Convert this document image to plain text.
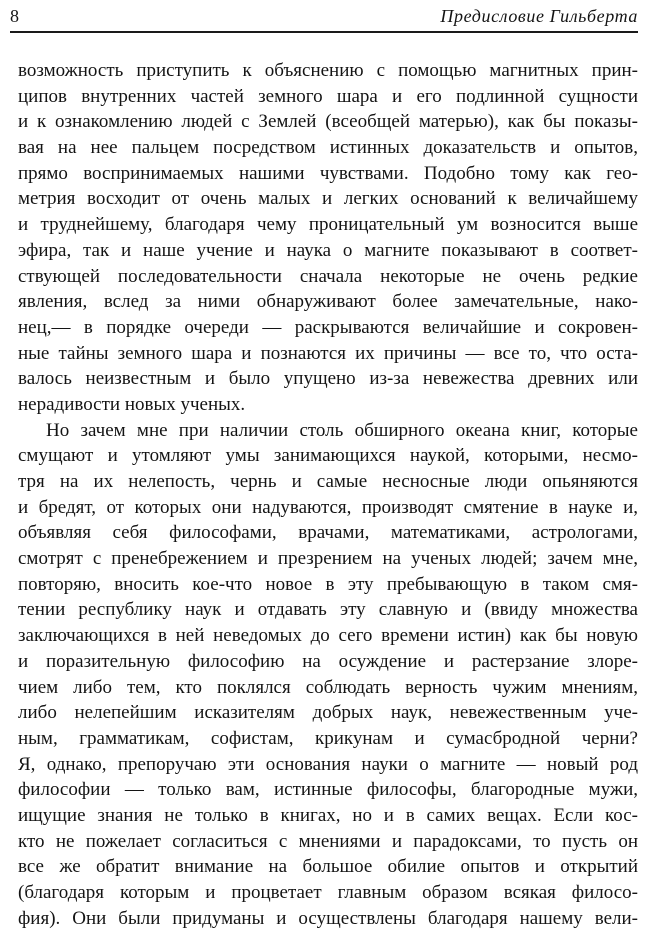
8	Предисловие Гильберта
возможность приступить к объяснению с помощью магнитных прин-
ципов внутренних частей земного шара и его подлинной сущности
и к ознакомлению людей с Землей (всеобщей матерью), как бы показы-
вая на нее пальцем посредством истинных доказательств и опытов,
прямо воспринимаемых нашими чувствами. Подобно тому как гео-
метрия восходит от очень малых и легких оснований к величайшему
и труднейшему, благодаря чему проницательный ум возносится выше
эфира, так и наше учение и наука о магните показывают в соответ-
ствующей последовательности сначала некоторые не очень редкие
явления, вслед за ними обнаруживают более замечательные, нако-
нец,— в порядке очереди — раскрываются величайшие и сокровен-
ные тайны земного шара и познаются их причины — все то, что оста-
валось неизвестным и было упущено из-за невежества древних или
нерадивости новых ученых.
Но зачем мне при наличии столь обширного океана книг, которые
смущают и утомляют умы занимающихся наукой, которыми, несмо-
тря на их нелепость, чернь и самые несносные люди опьяняются
и бредят, от которых они надуваются, производят смятение в науке и,
объявляя себя философами, врачами, математиками, астрологами,
смотрят с пренебрежением и презрением на ученых людей; зачем мне,
повторяю, вносить кое-что новое в эту пребывающую в таком смя-
тении республику наук и отдавать эту славную и (ввиду множества
заключающихся в ней неведомых до сего времени истин) как бы новую
и поразительную философию на осуждение и растерзание злоре-
чием либо тем, кто поклялся соблюдать верность чужим мнениям,
либо нелепейшим исказителям добрых наук, невежественным уче-
ным, грамматикам, софистам, крикунам и сумасбродной черни?
Я, однако, препоручаю эти основания науки о магните — новый род
философии — только вам, истинные философы, благородные мужи,
ищущие знания не только в книгах, но и в самих вещах. Если кос-
кто не пожелает согласиться с мнениями и парадоксами, то пусть он
все же обратит внимание на большое обилие опытов и открытий
(благодаря которым и процветает главным образом всякая филосо-
фия). Они были придуманы и осуществлены благодаря нашему вели-
